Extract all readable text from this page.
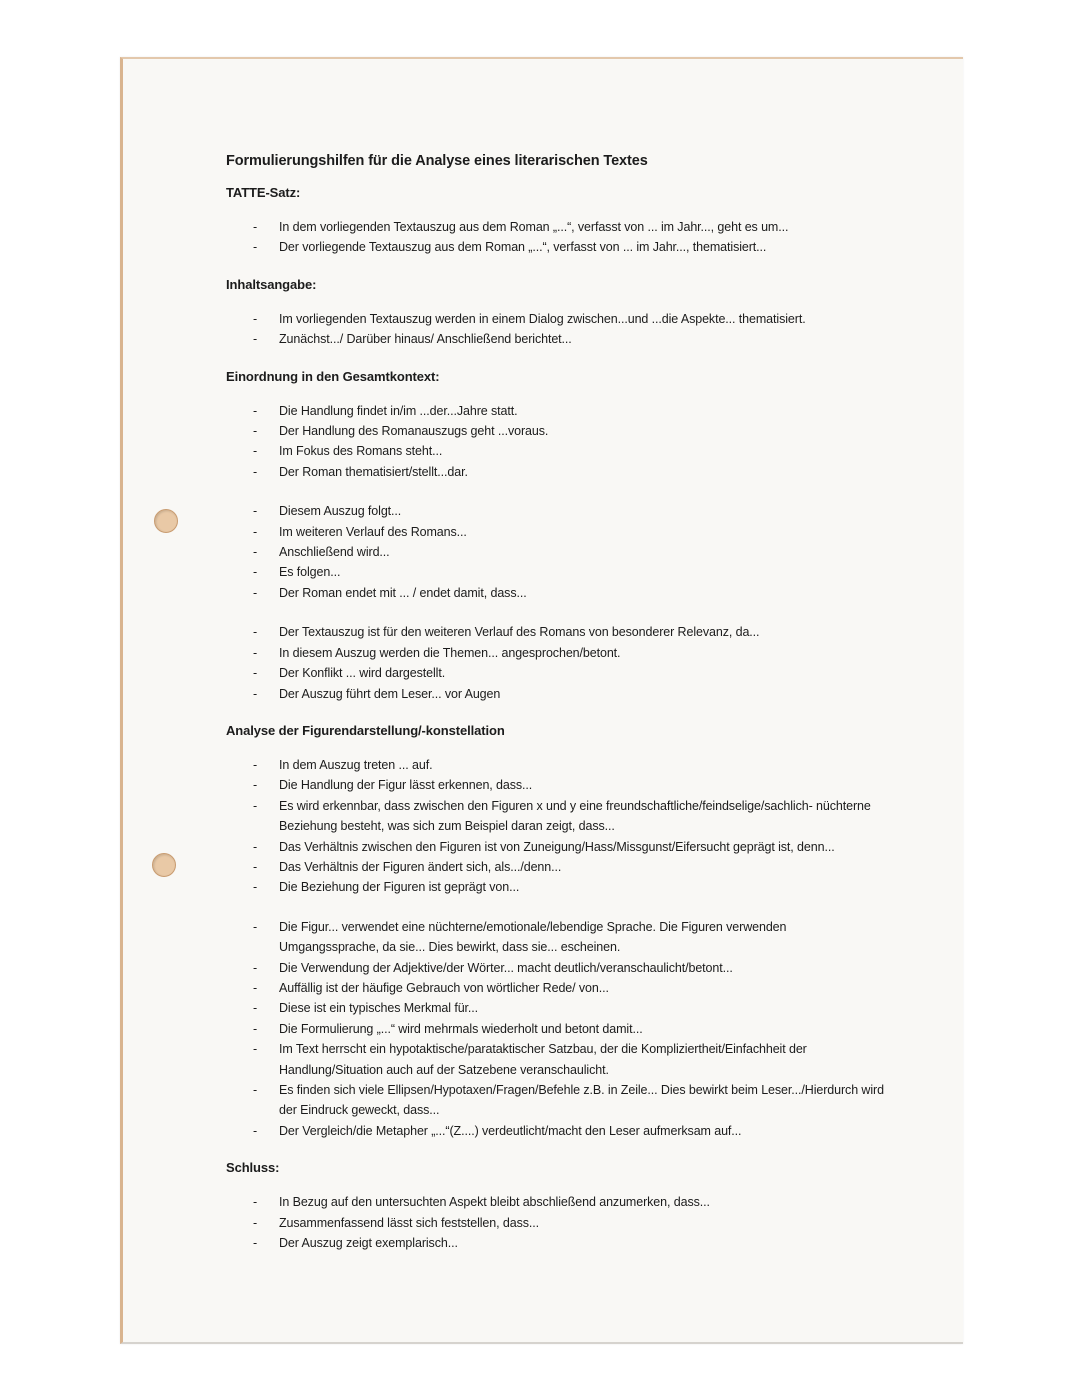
Formulierungshilfen für die Analyse eines literarischen Textes
TATTE-Satz:
- In dem vorliegenden Textauszug aus dem Roman „...“, verfasst von ... im Jahr..., geht es um...
- Der vorliegende Textauszug aus dem Roman „...“, verfasst von ... im Jahr..., thematisiert...
Inhaltsangabe:
- Im vorliegenden Textauszug werden in einem Dialog zwischen...und ...die Aspekte... thematisiert.
- Zunächst.../ Darüber hinaus/ Anschließend berichtet...
Einordnung in den Gesamtkontext:
- Die Handlung findet in/im ...der...Jahre statt.
- Der Handlung des Romanauszugs geht ...voraus.
- Im Fokus des Romans steht...
- Der Roman thematisiert/stellt...dar.
- Diesem Auszug folgt...
- Im weiteren Verlauf des Romans...
- Anschließend wird...
- Es folgen...
- Der Roman endet mit ... / endet damit, dass...
- Der Textauszug ist für den weiteren Verlauf des Romans von besonderer Relevanz, da...
- In diesem Auszug werden die Themen... angesprochen/betont.
- Der Konflikt ... wird dargestellt.
- Der Auszug führt dem Leser... vor Augen
Analyse der Figurendarstellung/-konstellation
- In dem Auszug treten ... auf.
- Die Handlung der Figur lässt erkennen, dass...
- Es wird erkennbar, dass zwischen den Figuren x und y eine freundschaftliche/feindselige/sachlich- nüchterne Beziehung besteht, was sich zum Beispiel daran zeigt, dass...
- Das Verhältnis zwischen den Figuren ist von Zuneigung/Hass/Missgunst/Eifersucht geprägt ist, denn...
- Das Verhältnis der Figuren ändert sich, als.../denn...
- Die Beziehung der Figuren ist geprägt von...
- Die Figur... verwendet eine nüchterne/emotionale/lebendige Sprache. Die Figuren verwenden Umgangssprache, da sie... Dies bewirkt, dass sie... escheinen.
- Die Verwendung der Adjektive/der Wörter... macht deutlich/veranschaulicht/betont...
- Auffällig ist der häufige Gebrauch von wörtlicher Rede/ von...
- Diese ist ein typisches Merkmal für...
- Die Formulierung „...“ wird mehrmals wiederholt und betont damit...
- Im Text herrscht ein hypotaktische/parataktischer Satzbau, der die Kompliziertheit/Einfachheit der Handlung/Situation auch auf der Satzebene veranschaulicht.
- Es finden sich viele Ellipsen/Hypotaxen/Fragen/Befehle z.B. in Zeile... Dies bewirkt beim Leser.../Hierdurch wird der Eindruck geweckt, dass...
- Der Vergleich/die Metapher „...“(Z....) verdeutlicht/macht den Leser aufmerksam auf...
Schluss:
- In Bezug auf den untersuchten Aspekt bleibt abschließend anzumerken, dass...
- Zusammenfassend lässt sich feststellen, dass...
- Der Auszug zeigt exemplarisch...
